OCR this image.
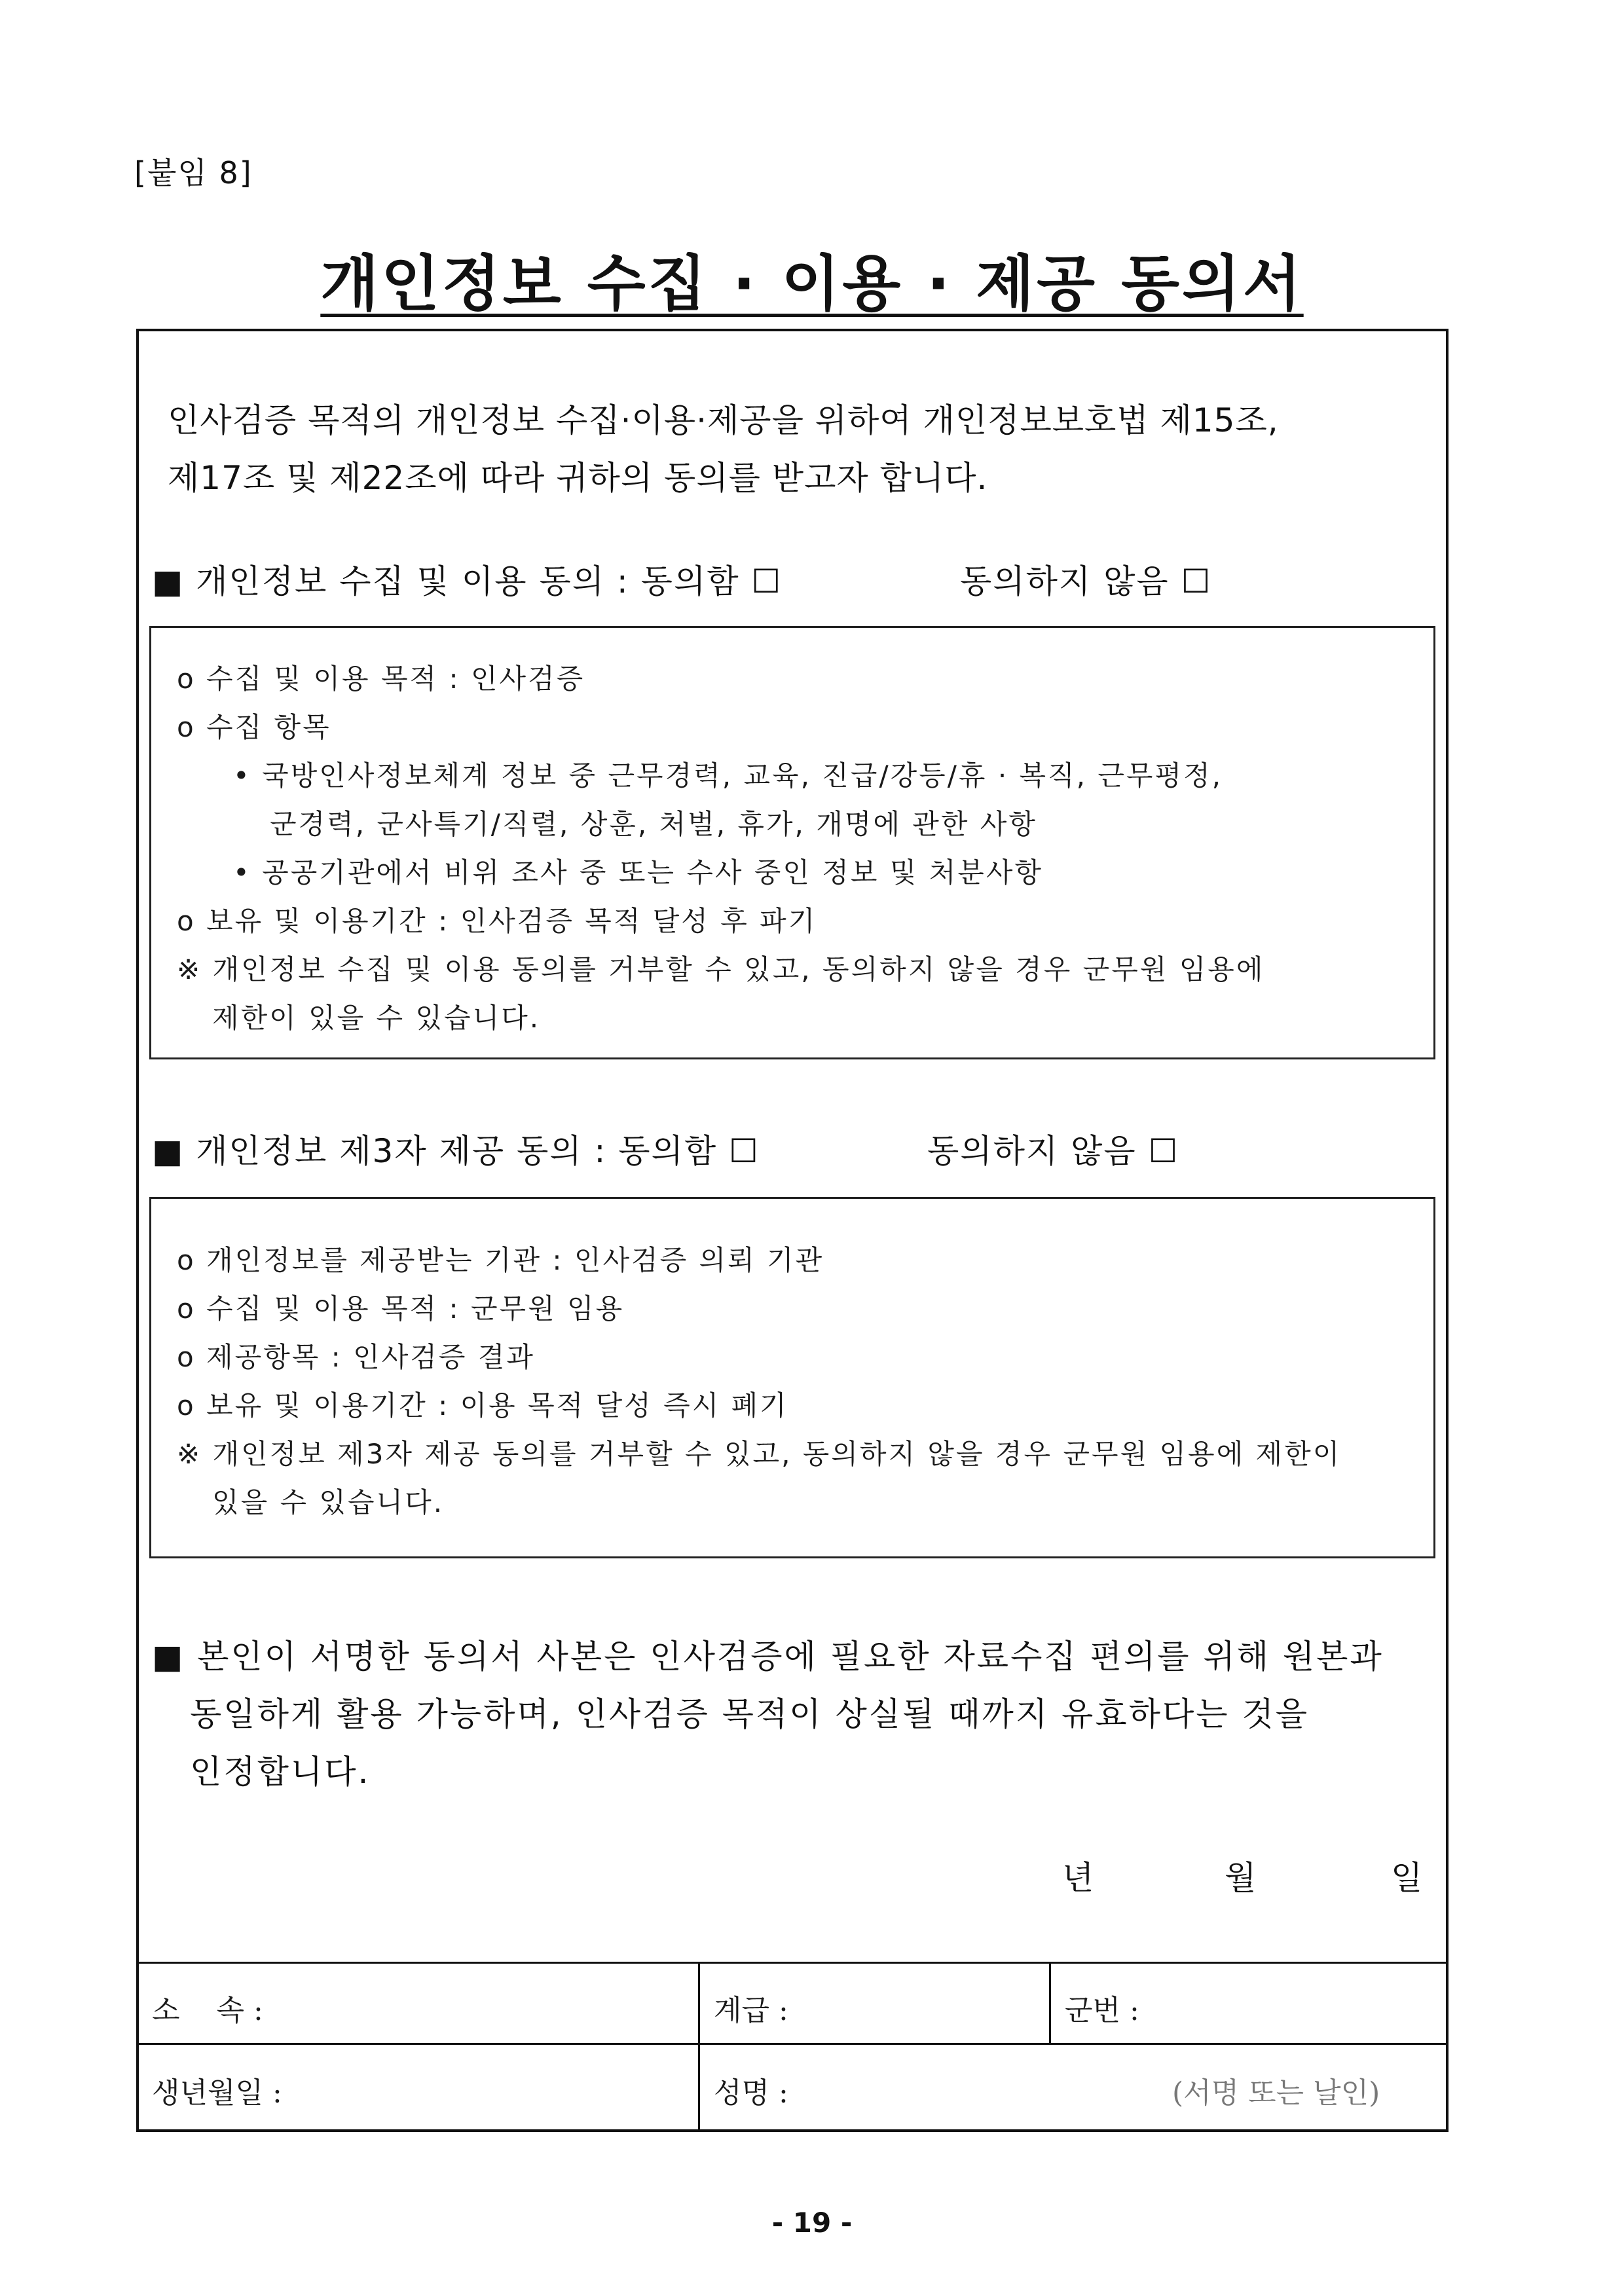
[붙임 8]
개인정보 수집 · 이용 · 제공 동의서
인사검증 목적의 개인정보 수집·이용·제공을 위하여 개인정보보호법 제15조,
제17조 및 제22조에 따라 귀하의 동의를 받고자 합니다.
■ 개인정보 수집 및 이용 동의 : 동의함 ☐	동의하지 않음 ☐
o 수집 및 이용 목적 : 인사검증
o 수집 항목
• 국방인사정보체계 정보 중 근무경력, 교육, 진급/강등/휴 · 복직, 근무평정,
군경력, 군사특기/직렬, 상훈, 처벌, 휴가, 개명에 관한 사항
• 공공기관에서 비위 조사 중 또는 수사 중인 정보 및 처분사항
o 보유 및 이용기간 : 인사검증 목적 달성 후 파기
※ 개인정보 수집 및 이용 동의를 거부할 수 있고, 동의하지 않을 경우 군무원 임용에
제한이 있을 수 있습니다.
■ 개인정보 제3자 제공 동의 : 동의함 ☐	동의하지 않음 ☐
o 개인정보를 제공받는 기관 : 인사검증 의뢰 기관
o 수집 및 이용 목적 : 군무원 임용
o 제공항목 : 인사검증 결과
o 보유 및 이용기간 : 이용 목적 달성 즉시 폐기
※ 개인정보 제3자 제공 동의를 거부할 수 있고, 동의하지 않을 경우 군무원 임용에 제한이
있을 수 있습니다.
■ 본인이 서명한 동의서 사본은 인사검증에 필요한 자료수집 편의를 위해 원본과
동일하게 활용 가능하며, 인사검증 목적이 상실될 때까지 유효하다는 것을
인정합니다.
년	월	일
소    속 :	계급 :	군번 :
생년월일 :	성명 :	(서명 또는 날인)
- 19 -
